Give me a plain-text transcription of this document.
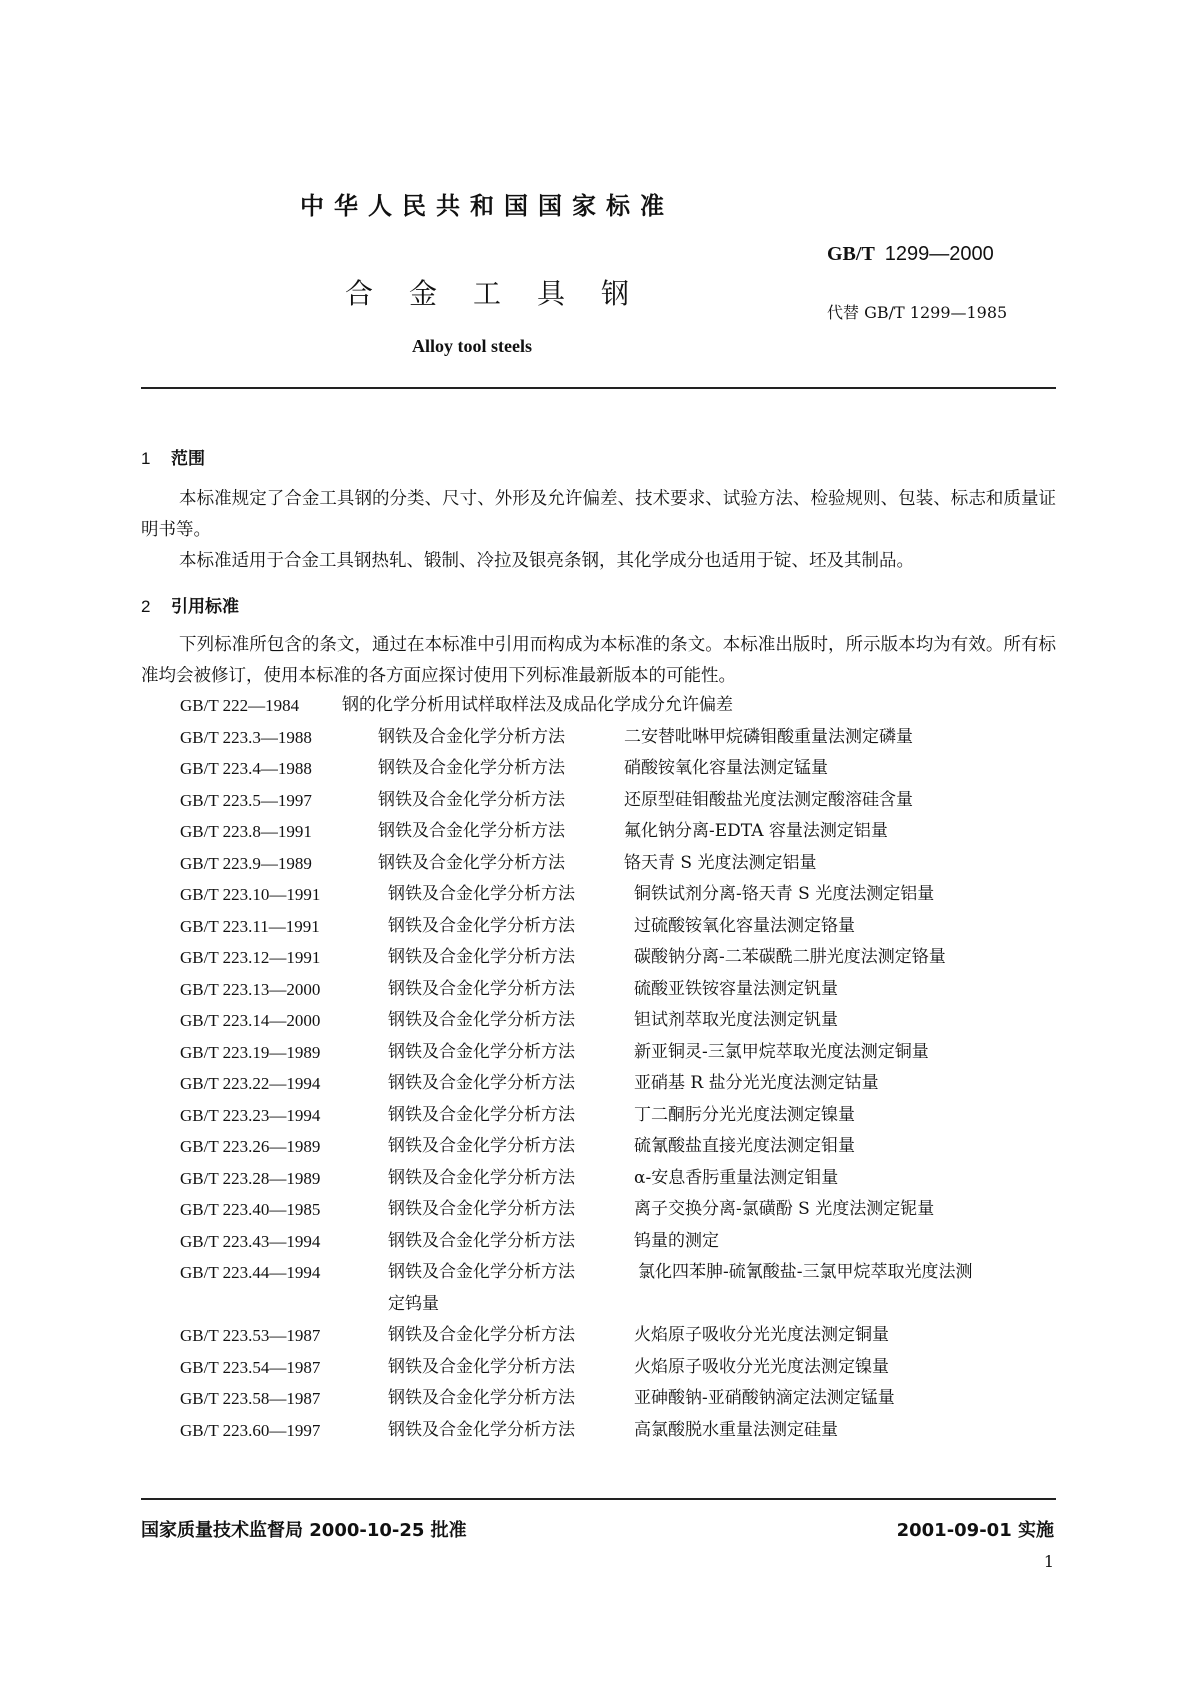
中华人民共和国国家标准
GB/T 1299—2000
合金工具钢
代替 GB/T 1299—1985
Alloy tool steels
1 范围
本标准规定了合金工具钢的分类、尺寸、外形及允许偏差、技术要求、试验方法、检验规则、包装、标志和质量证明书等。
本标准适用于合金工具钢热轧、锻制、冷拉及银亮条钢，其化学成分也适用于锭、坯及其制品。
2 引用标准
下列标准所包含的条文，通过在本标准中引用而构成为本标准的条文。本标准出版时，所示版本均为有效。所有标准均会被修订，使用本标准的各方面应探讨使用下列标准最新版本的可能性。
GB/T 222—1984	钢的化学分析用试样取样法及成品化学成分允许偏差
GB/T 223.3—1988	钢铁及合金化学分析方法	二安替吡啉甲烷磷钼酸重量法测定磷量
GB/T 223.4—1988	钢铁及合金化学分析方法	硝酸铵氧化容量法测定锰量
GB/T 223.5—1997	钢铁及合金化学分析方法	还原型硅钼酸盐光度法测定酸溶硅含量
GB/T 223.8—1991	钢铁及合金化学分析方法	氟化钠分离-EDTA 容量法测定铝量
GB/T 223.9—1989	钢铁及合金化学分析方法	铬天青 S 光度法测定铝量
GB/T 223.10—1991	钢铁及合金化学分析方法	铜铁试剂分离-铬天青 S 光度法测定铝量
GB/T 223.11—1991	钢铁及合金化学分析方法	过硫酸铵氧化容量法测定铬量
GB/T 223.12—1991	钢铁及合金化学分析方法	碳酸钠分离-二苯碳酰二肼光度法测定铬量
GB/T 223.13—2000	钢铁及合金化学分析方法	硫酸亚铁铵容量法测定钒量
GB/T 223.14—2000	钢铁及合金化学分析方法	钽试剂萃取光度法测定钒量
GB/T 223.19—1989	钢铁及合金化学分析方法	新亚铜灵-三氯甲烷萃取光度法测定铜量
GB/T 223.22—1994	钢铁及合金化学分析方法	亚硝基 R 盐分光光度法测定钴量
GB/T 223.23—1994	钢铁及合金化学分析方法	丁二酮肟分光光度法测定镍量
GB/T 223.26—1989	钢铁及合金化学分析方法	硫氰酸盐直接光度法测定钼量
GB/T 223.28—1989	钢铁及合金化学分析方法	α-安息香肟重量法测定钼量
GB/T 223.40—1985	钢铁及合金化学分析方法	离子交换分离-氯磺酚 S 光度法测定铌量
GB/T 223.43—1994	钢铁及合金化学分析方法	钨量的测定
GB/T 223.44—1994	钢铁及合金化学分析方法	氯化四苯胂-硫氰酸盐-三氯甲烷萃取光度法测
定钨量
GB/T 223.53—1987	钢铁及合金化学分析方法	火焰原子吸收分光光度法测定铜量
GB/T 223.54—1987	钢铁及合金化学分析方法	火焰原子吸收分光光度法测定镍量
GB/T 223.58—1987	钢铁及合金化学分析方法	亚砷酸钠-亚硝酸钠滴定法测定锰量
GB/T 223.60—1997	钢铁及合金化学分析方法	高氯酸脱水重量法测定硅量
国家质量技术监督局 2000-10-25 批准	2001-09-01 实施
1
